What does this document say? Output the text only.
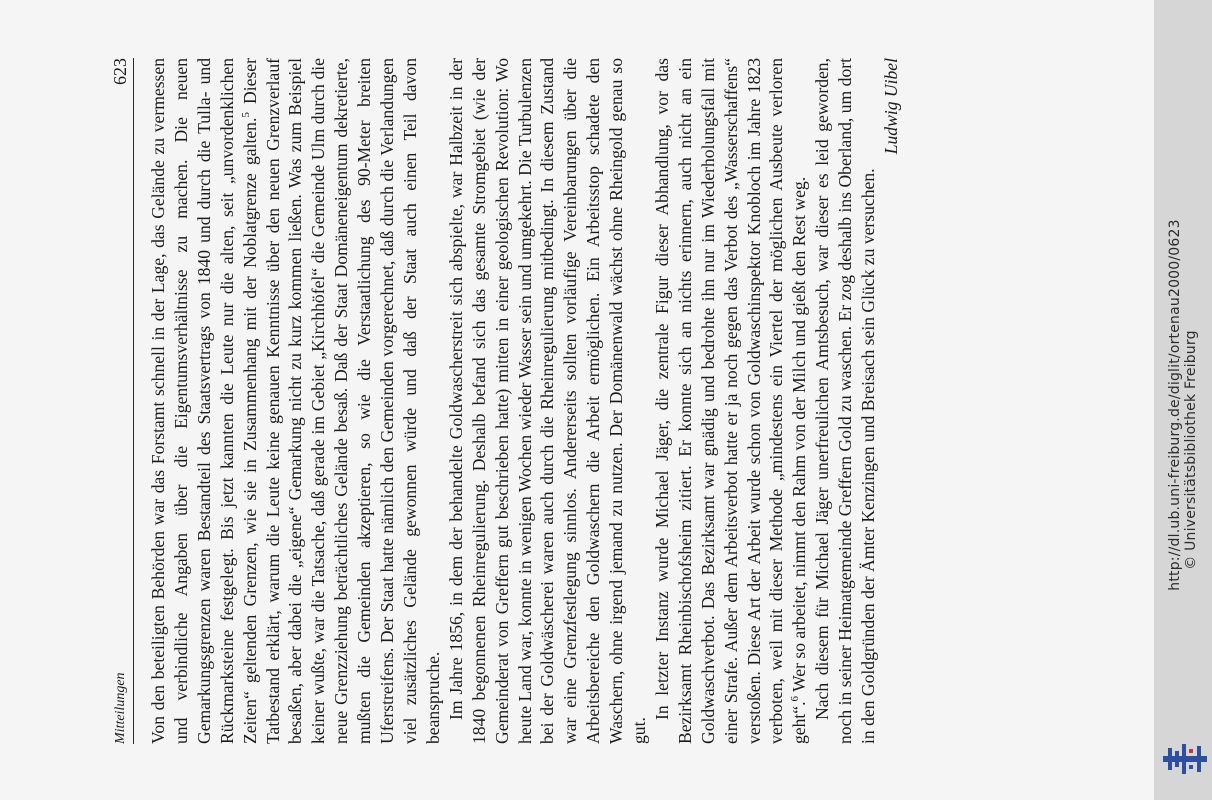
Mitteilungen
623 Von den beteiligten Behörden war das Forstamt schnell in der Lage, das Gelände zu vermessen und verbindliche Angaben über die Eigentumsverhältnisse zu machen. Die neuen Gemarkungsgrenzen waren Bestandteil des Staatsvertrags von 1840 und durch die Tulla- und Rückmarksteine festgelegt. Bis jetzt kannten die Leute nur die alten, seit „unvordenklichen Zeiten“ geltenden Grenzen, wie sie in Zusammenhang mit der Noblatgrenze galten.$^5$ Dieser Tatbestand erklärt, warum die Leute keine genauen Kenntnisse über den neuen Grenzverlauf besaßen, aber dabei die „eigene“ Gemarkung nicht zu kurz kommen ließen. Was zum Beispiel keiner wußte, war die Tatsache, daß gerade im Gebiet „Kirchhöfel“ die Gemeinde Ulm durch die neue Grenzziehung beträchtliches Gelände besaß. Daß der Staat Domäneneigentum dekretierte, mußten die Gemeinden akzeptieren, so wie die Verstaatlichung des 90-Meter breiten Uferstreifens. Der Staat hatte nämlich den Gemeinden vorgerechnet, daß durch die Verlandungen viel zusätzliches Gelände gewonnen würde und daß der Staat auch einen Teil davon beanspruche. Im Jahre 1856, in dem der behandelte Goldwascherstreit sich abspielte, war Halbzeit in der 1840 begonnenen Rheinregulierung. Deshalb befand sich das gesamte Stromgebiet (wie der Gemeinderat von Greffern gut beschrieben hatte) mitten in einer geologischen Revolution: Wo heute Land war, konnte in wenigen Wochen wieder Wasser sein und umgekehrt. Die Turbulenzen bei der Goldwäscherei waren auch durch die Rheinregulierung mitbedingt. In diesem Zustand war eine Grenzfestlegung sinnlos. Andererseits sollten vorläufige Vereinbarungen über die Arbeitsbereiche den Goldwaschern die Arbeit ermöglichen. Ein Arbeitsstop schadete den Waschern, ohne irgend jemand zu nutzen. Der Domänenwald wächst ohne Rheingold genau so gut.

In letzter Instanz wurde Michael Jäger, die zentrale Figur dieser Abhandlung, vor das Bezirksamt Rheinbischofsheim zitiert. Er konnte sich an nichts erinnern, auch nicht an ein Goldwaschverbot. Das Bezirksamt war gnädig und bedrohte ihn nur im Wiederholungsfall mit einer Strafe. Außer dem Arbeitsverbot hatte er ja noch gegen das Verbot des „Wasserschaffens“ verstoßen. Diese Art der Arbeit wurde schon von Goldwaschinspektor Knobloch im Jahre 1823 verboten, weil mit dieser Methode „mindestens ein Viertel der möglichen Ausbeute verloren geht“.$^6$ Wer so arbeitet, nimmt den Rahm von der Milch und gießt den Rest weg. Nach diesem für Michael Jäger unerfreulichen Amtsbesuch, war dieser es leid geworden, noch in seiner Heimatgemeinde Greffern Gold zu waschen. Er zog deshalb ins Oberland, um dort in den Goldgründen der Ämter Kenzingen und Breisach sein Glück zu versuchen.

Ludwig Uibel

http://dl.ub.uni-freiburg.de/diglit/ortenau2000/0623 © Universitätsbibliothek Freiburg
